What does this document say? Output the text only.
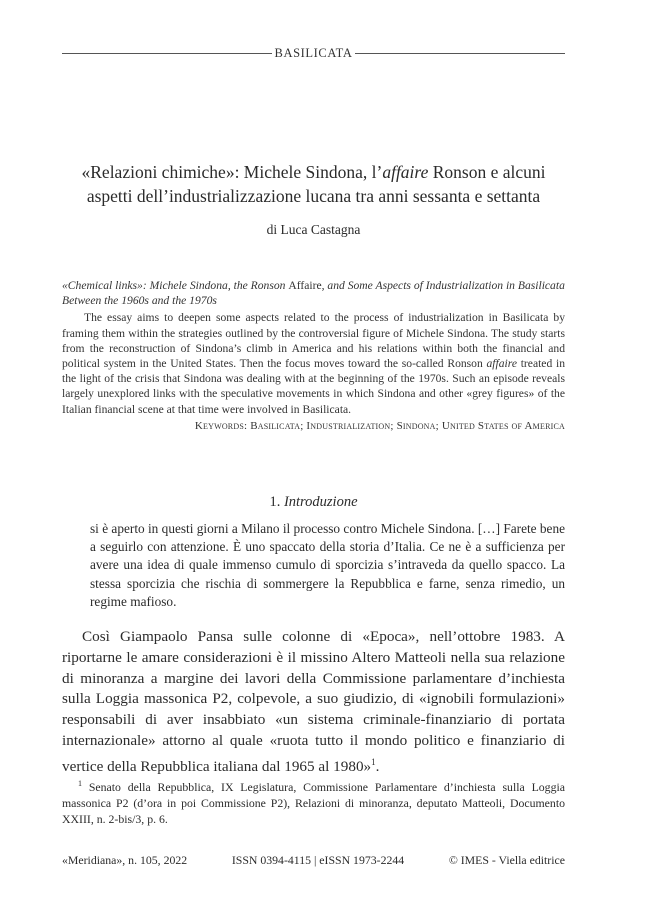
BASILICATA
«Relazioni chimiche»: Michele Sindona, l’affaire Ronson e alcuni aspetti dell’industrializzazione lucana tra anni sessanta e settanta
di Luca Castagna

«Chemical links»: Michele Sindona, the Ronson Affaire, and Some Aspects of Industrialization in Basilicata Between the 1960s and the 1970s

The essay aims to deepen some aspects related to the process of industrialization in Basilicata by framing them within the strategies outlined by the controversial figure of Michele Sindona. The study starts from the reconstruction of Sindona’s climb in America and his relations within both the financial and political system in the United States. Then the focus moves toward the so-called Ronson affaire treated in the light of the crisis that Sindona was dealing with at the beginning of the 1970s. Such an episode reveals largely unexplored links with the speculative movements in which Sindona and other «grey figures» of the Italian financial scene at that time were involved in Basilicata.

Keywords: Basilicata; Industrialization; Sindona; United States of America

1. Introduzione

si è aperto in questi giorni a Milano il processo contro Michele Sindona. […] Farete bene a seguirlo con attenzione. È uno spaccato della storia d’Italia. Ce ne è a sufficienza per avere una idea di quale immenso cumulo di sporcizia s’intraveda da quello spacco. La stessa sporcizia che rischia di sommergere la Repubblica e farne, senza rimedio, un regime mafioso.

Così Giampaolo Pansa sulle colonne di «Epoca», nell’ottobre 1983. A riportarne le amare considerazioni è il missino Altero Matteoli nella sua relazione di minoranza a margine dei lavori della Commissione parlamentare d’inchiesta sulla Loggia massonica P2, colpevole, a suo giudizio, di «ignobili formulazioni» responsabili di aver insabbiato «un sistema criminale-finanziario di portata internazionale» attorno al quale «ruota tutto il mondo politico e finanziario di vertice della Repubblica italiana dal 1965 al 1980»$^1$.

$^1$ Senato della Repubblica, IX Legislatura, Commissione Parlamentare d’inchiesta sulla Loggia massonica P2 (d’ora in poi Commissione P2), Relazioni di minoranza, deputato Matteoli, Documento XXIII, n. 2-bis/3, p. 6.

«Meridiana», n. 105, 2022	ISSN 0394-4115 | eISSN 1973-2244	© IMES - Viella editrice
